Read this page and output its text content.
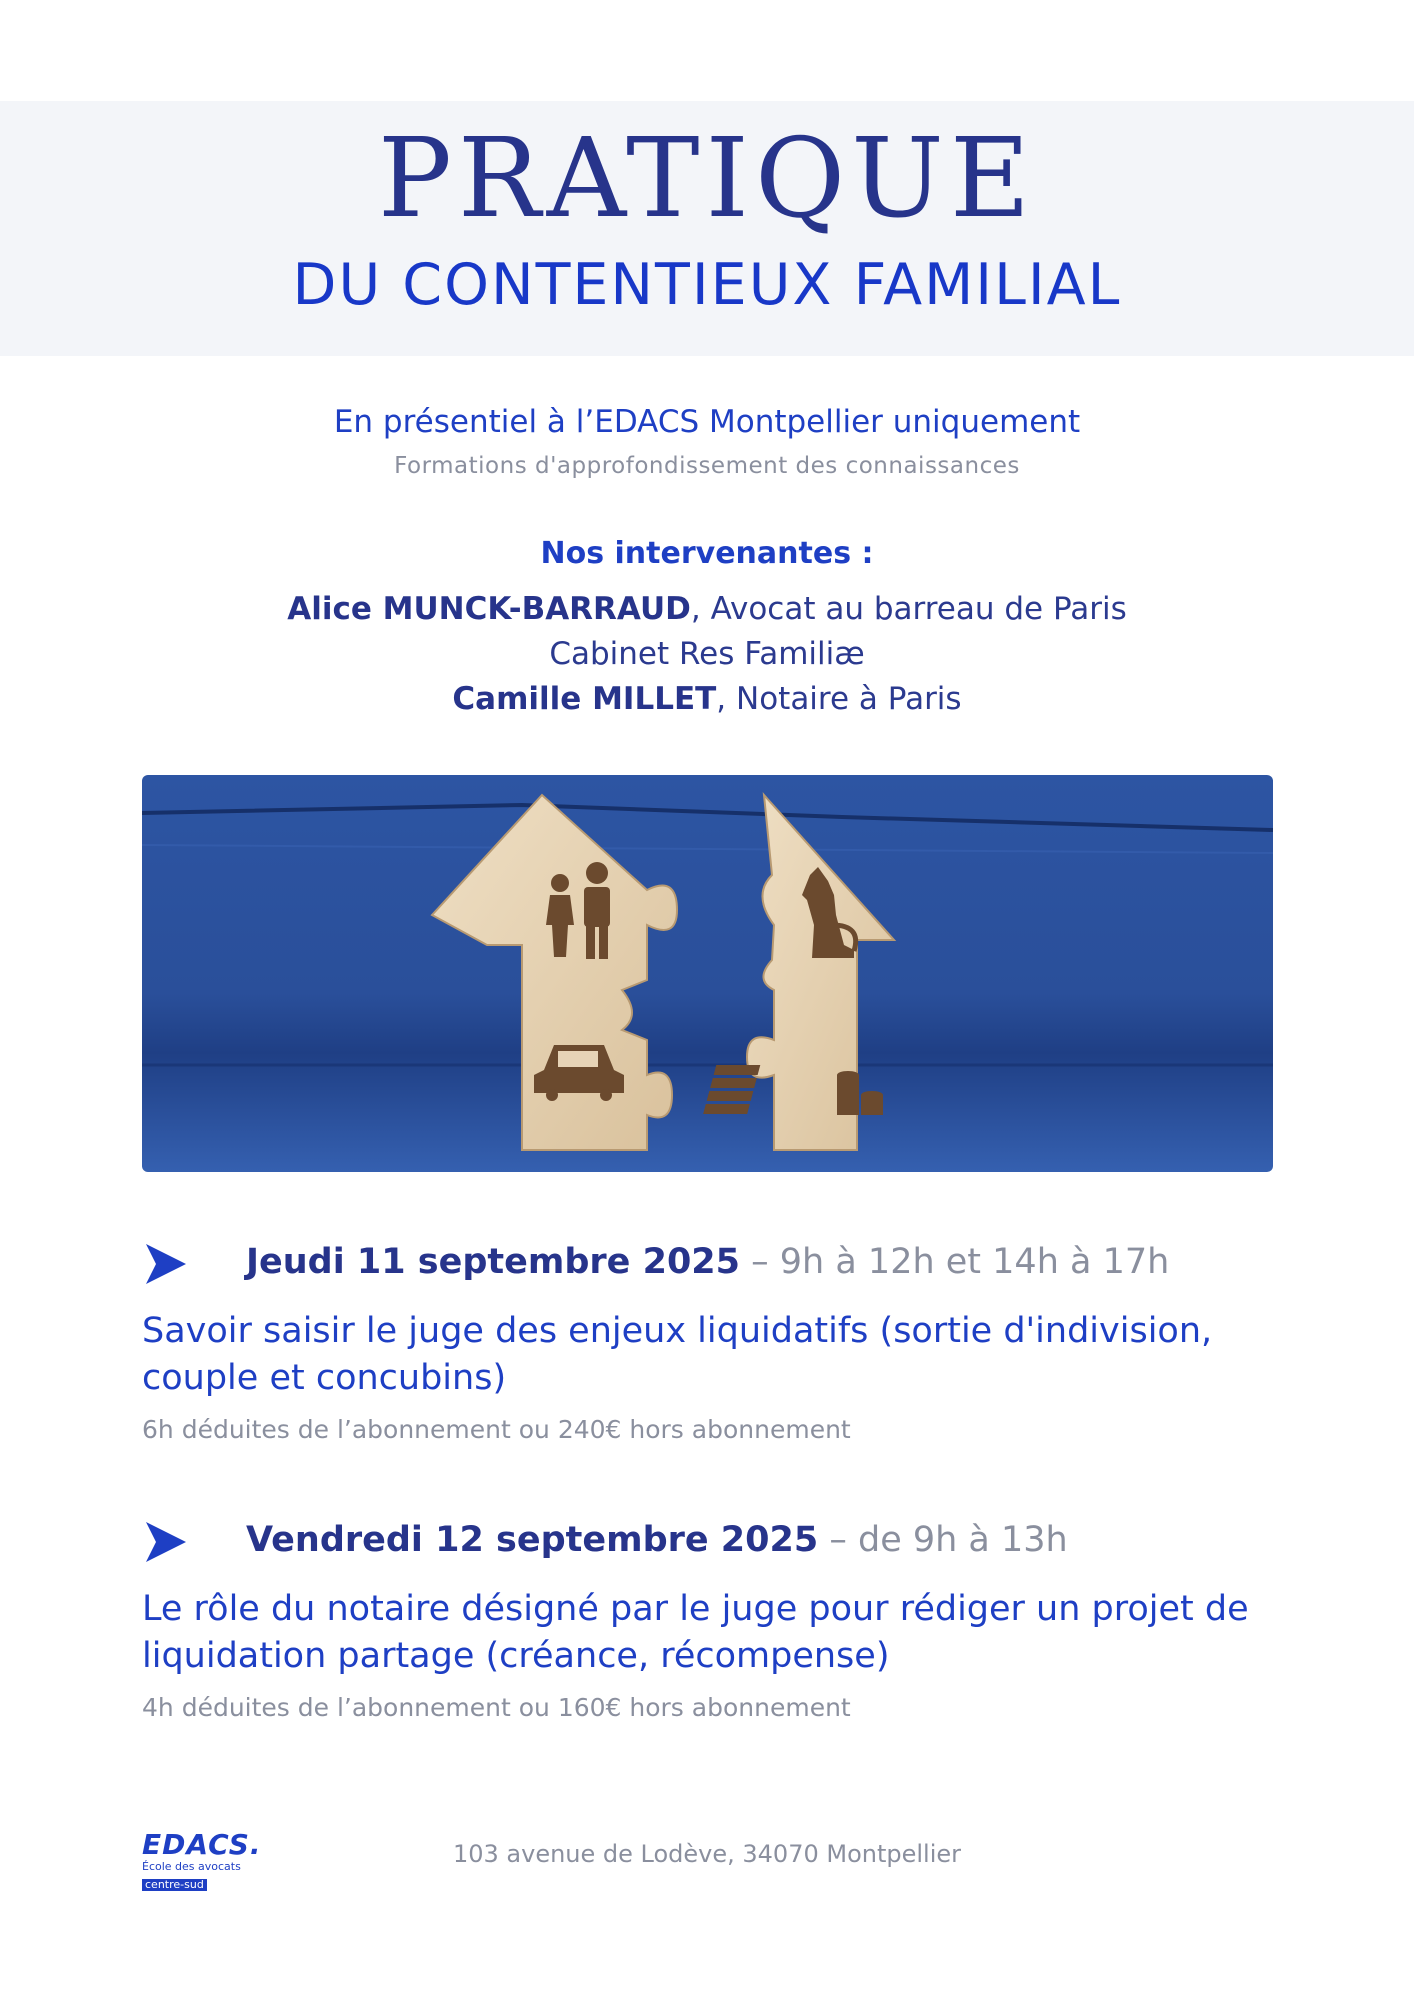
PRATIQUE
DU CONTENTIEUX FAMILIAL
En présentiel à l’EDACS Montpellier uniquement
Formations d'approfondissement des connaissances
Nos intervenantes :
Alice MUNCK-BARRAUD, Avocat au barreau de Paris
Cabinet Res Familiæ
Camille MILLET, Notaire à Paris
Jeudi 11 septembre 2025 – 9h à 12h et 14h à 17h
Savoir saisir le juge des enjeux liquidatifs (sortie d'indivision, couple et concubins)
6h déduites de l’abonnement ou 240€ hors abonnement
Vendredi 12 septembre 2025 – de 9h à 13h
Le rôle du notaire désigné par le juge pour rédiger un projet de liquidation partage (créance, récompense)
4h déduites de l’abonnement ou 160€ hors abonnement
EDACS.
École des avocats
centre-sud
103 avenue de Lodève, 34070 Montpellier
